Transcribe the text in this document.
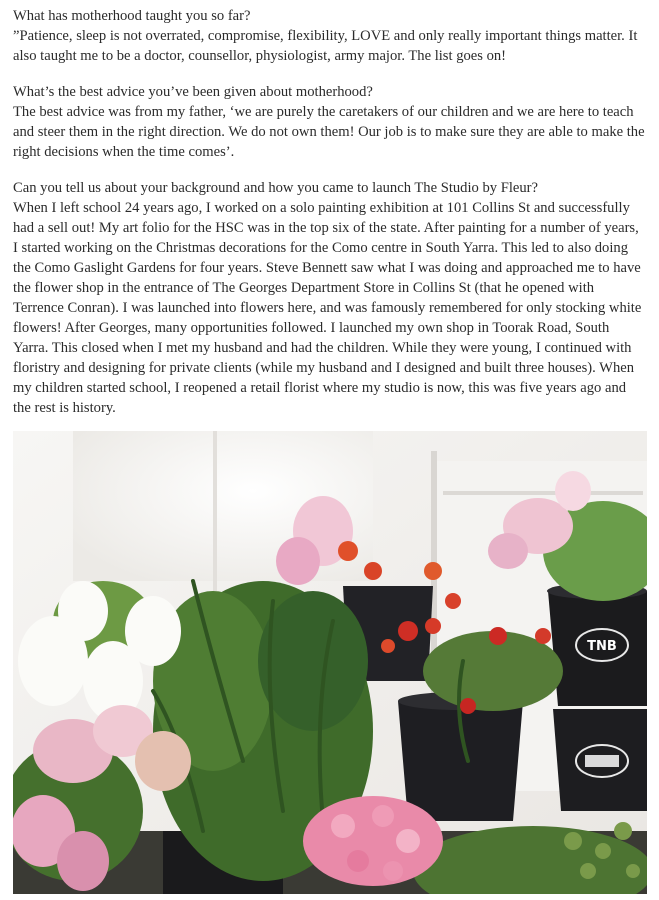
What has motherhood taught you so far?
”Patience, sleep is not overrated, compromise, flexibility, LOVE and only really important things matter. It also taught me to be a doctor, counsellor, physiologist, army major. The list goes on!

What’s the best advice you’ve been given about motherhood?
The best advice was from my father, ‘we are purely the caretakers of our children and we are here to teach and steer them in the right direction. We do not own them! Our job is to make sure they are able to make the right decisions when the time comes’.

Can you tell us about your background and how you came to launch The Studio by Fleur?
When I left school 24 years ago, I worked on a solo painting exhibition at 101 Collins St and successfully had a sell out! My art folio for the HSC was in the top six of the state. After painting for a number of years, I started working on the Christmas decorations for the Como centre in South Yarra. This led to also doing the Como Gaslight Gardens for four years. Steve Bennett saw what I was doing and approached me to have the flower shop in the entrance of The Georges Department Store in Collins St (that he opened with Terrence Conran). I was launched into flowers here, and was famously remembered for only stocking white flowers! After Georges, many opportunities followed. I launched my own shop in Toorak Road, South Yarra. This closed when I met my husband and had the children. While they were young, I continued with floristry and designing for private clients (while my husband and I designed and built three houses). When my children started school, I reopened a retail florist where my studio is now, this was five years ago and the rest is history.

TNB
